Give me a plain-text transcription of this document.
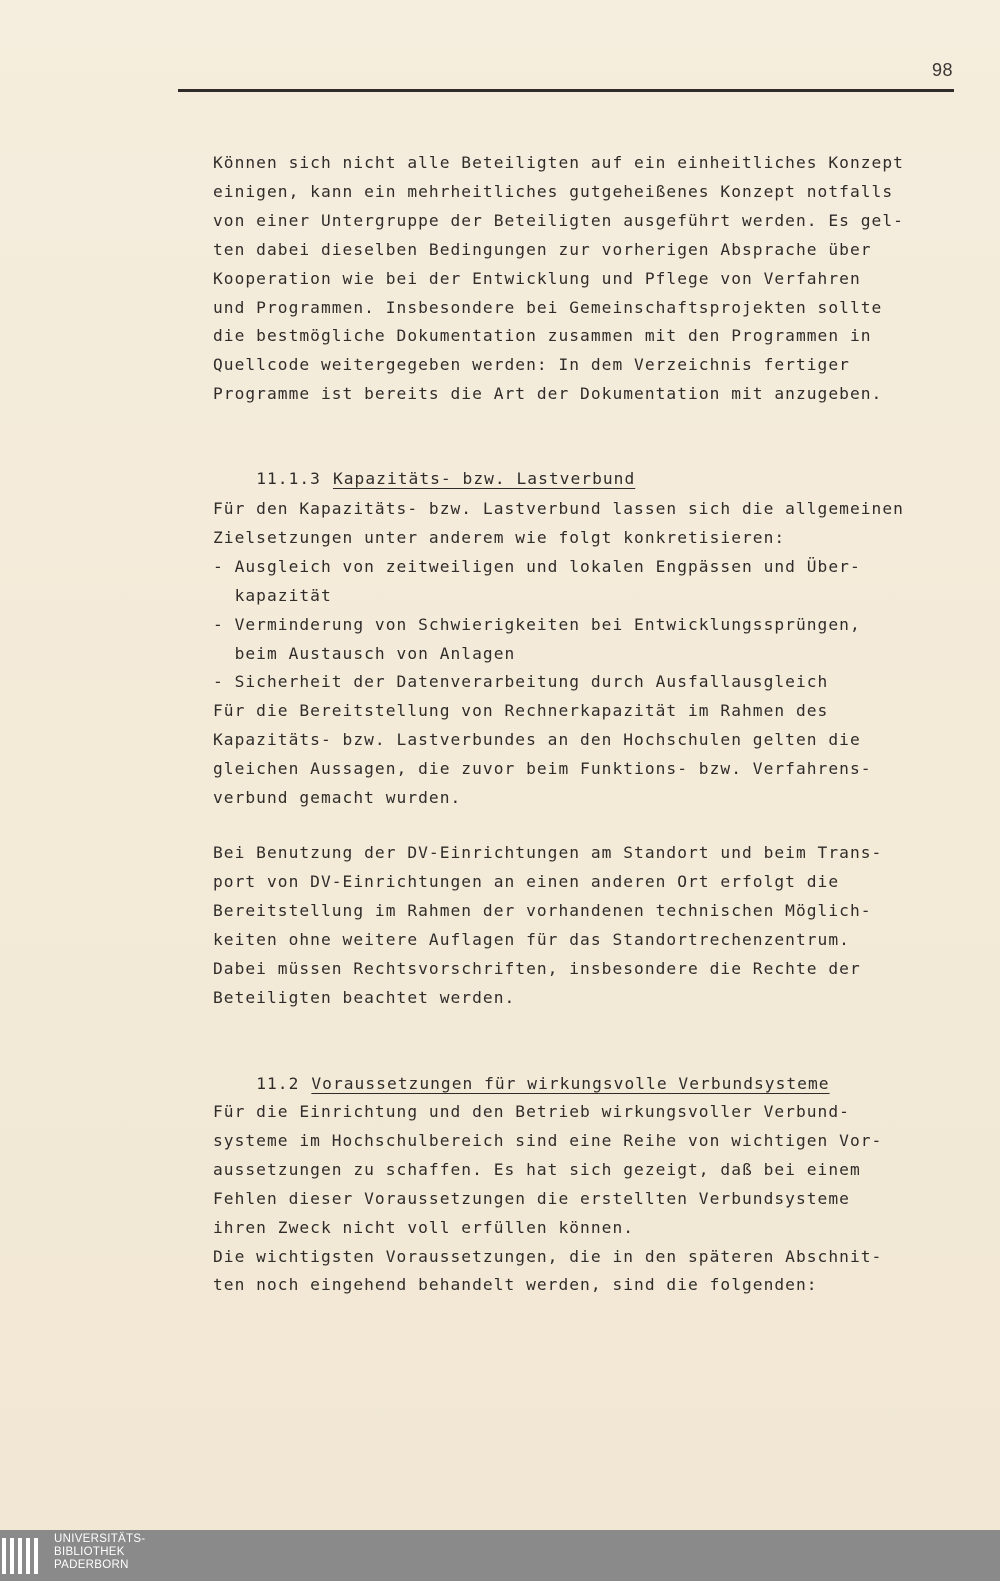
98
Können sich nicht alle Beteiligten auf ein einheitliches Konzept
einigen, kann ein mehrheitliches gutgeheißenes Konzept notfalls
von einer Untergruppe der Beteiligten ausgeführt werden. Es gel-
ten dabei dieselben Bedingungen zur vorherigen Absprache über
Kooperation wie bei der Entwicklung und Pflege von Verfahren
und Programmen. Insbesondere bei Gemeinschaftsprojekten sollte
die bestmögliche Dokumentation zusammen mit den Programmen in
Quellcode weitergegeben werden: In dem Verzeichnis fertiger
Programme ist bereits die Art der Dokumentation mit anzugeben.

11.1.3 Kapazitäts- bzw. Lastverbund

Für den Kapazitäts- bzw. Lastverbund lassen sich die allgemeinen
Zielsetzungen unter anderem wie folgt konkretisieren:
- Ausgleich von zeitweiligen und lokalen Engpässen und Über-
kapazität
- Verminderung von Schwierigkeiten bei Entwicklungssprüngen,
beim Austausch von Anlagen
- Sicherheit der Datenverarbeitung durch Ausfallausgleich
Für die Bereitstellung von Rechnerkapazität im Rahmen des
Kapazitäts- bzw. Lastverbundes an den Hochschulen gelten die
gleichen Aussagen, die zuvor beim Funktions- bzw. Verfahrens-
verbund gemacht wurden.
Bei Benutzung der DV-Einrichtungen am Standort und beim Trans-
port von DV-Einrichtungen an einen anderen Ort erfolgt die
Bereitstellung im Rahmen der vorhandenen technischen Möglich-
keiten ohne weitere Auflagen für das Standortrechenzentrum.
Dabei müssen Rechtsvorschriften, insbesondere die Rechte der
Beteiligten beachtet werden.

11.2 Voraussetzungen für wirkungsvolle Verbundsysteme

Für die Einrichtung und den Betrieb wirkungsvoller Verbund-
systeme im Hochschulbereich sind eine Reihe von wichtigen Vor-
aussetzungen zu schaffen. Es hat sich gezeigt, daß bei einem
Fehlen dieser Voraussetzungen die erstellten Verbundsysteme
ihren Zweck nicht voll erfüllen können.
Die wichtigsten Voraussetzungen, die in den späteren Abschnit-
ten noch eingehend behandelt werden, sind die folgenden:
UNIVERSITÄTS-
BIBLIOTHEK
PADERBORN
